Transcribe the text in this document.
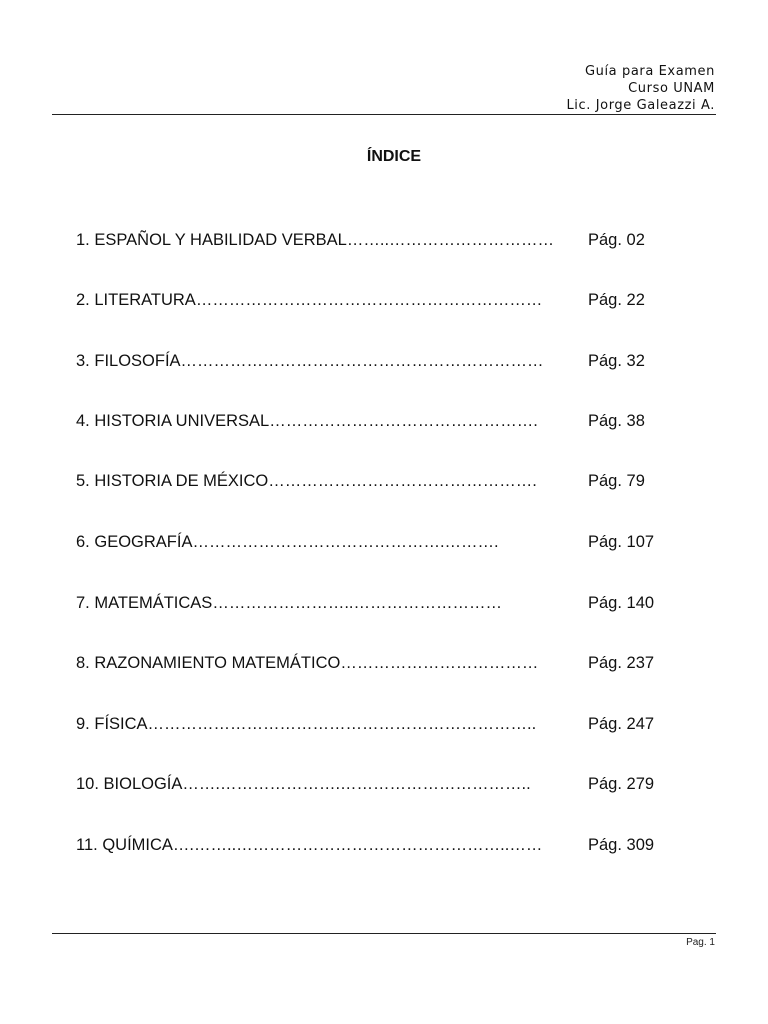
Guía para Examen
Curso UNAM
Lic. Jorge Galeazzi A.
ÍNDICE
1. ESPAÑOL Y HABILIDAD VERBAL……..………………………… Pág. 02
2. LITERATURA………………………………………………………	Pág. 22
3. FILOSOFÍA…………………………………………………………	Pág. 32
4. HISTORIA UNIVERSAL………………………………………….	Pág. 38
5. HISTORIA DE MÉXICO………………………………………….	Pág. 79
6. GEOGRAFÍA……………………………………….……….	Pág. 107
7. MATEMÁTICAS……………………..………………………	Pág. 140
8. RAZONAMIENTO MATEMÁTICO………………………………	Pág. 237
9. FÍSICA……………………………………………………………..	Pág. 247
10. BIOLOGÍA…….………………….……………………………..	Pág. 279
11. QUÍMICA….……..…………………………………………..……	Pág. 309
Pag. 1
